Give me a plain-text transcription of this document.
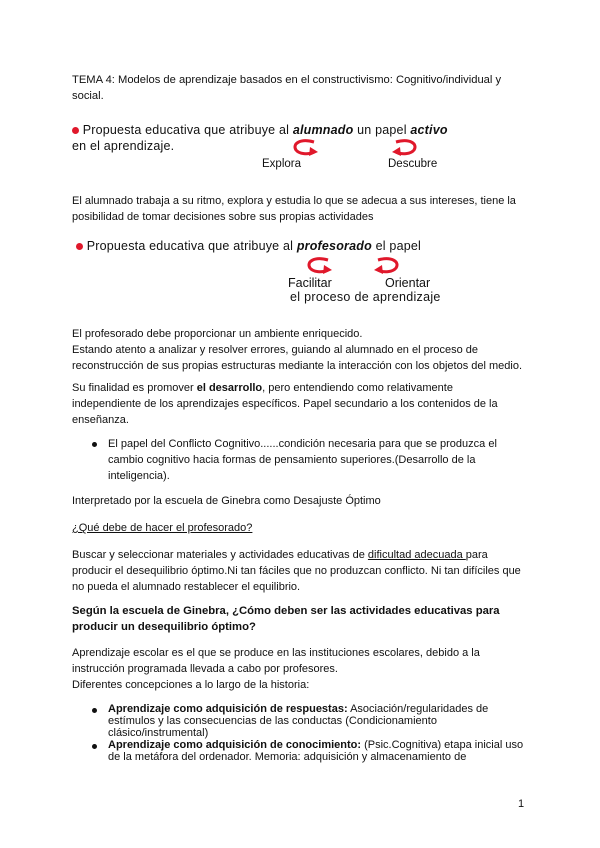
TEMA 4: Modelos de aprendizaje basados en el constructivismo: Cognitivo/individual y
social.
Propuesta educativa que atribuye al alumnado un papel activo
en el aprendizaje.
Explora	Descubre
El alumnado trabaja a su ritmo, explora y estudia lo que se adecua a sus intereses, tiene la
posibilidad de tomar decisiones sobre sus propias actividades
Propuesta educativa que atribuye al profesorado el papel
Facilitar	Orientar
el proceso de aprendizaje
El profesorado debe proporcionar un ambiente enriquecido.
Estando atento a analizar y resolver errores, guiando al alumnado en el proceso de
reconstrucción de sus propias estructuras mediante la interacción con los objetos del medio.
Su finalidad es promover el desarrollo, pero entendiendo como relativamente
independiente de los aprendizajes específicos. Papel secundario a los contenidos de la
enseñanza.
El papel del Conflicto Cognitivo......condición necesaria para que se produzca el
cambio cognitivo hacia formas de pensamiento superiores.(Desarrollo de la
inteligencia).
Interpretado por la escuela de Ginebra como Desajuste Óptimo
¿Qué debe de hacer el profesorado?
Buscar y seleccionar materiales y actividades educativas de dificultad adecuada para
producir el desequilibrio óptimo.Ni tan fáciles que no produzcan conflicto. Ni tan difíciles que
no pueda el alumnado restablecer el equilibrio.
Según la escuela de Ginebra, ¿Cómo deben ser las actividades educativas para
producir un desequilibrio óptimo?
Aprendizaje escolar es el que se produce en las instituciones escolares, debido a la
instrucción programada llevada a cabo por profesores.
Diferentes concepciones a lo largo de la historia:
Aprendizaje como adquisición de respuestas: Asociación/regularidades de
estímulos y las consecuencias de las conductas (Condicionamiento
clásico/instrumental)
Aprendizaje como adquisición de conocimiento: (Psic.Cognitiva) etapa inicial uso
de la metáfora del ordenador. Memoria: adquisición y almacenamiento de
1
